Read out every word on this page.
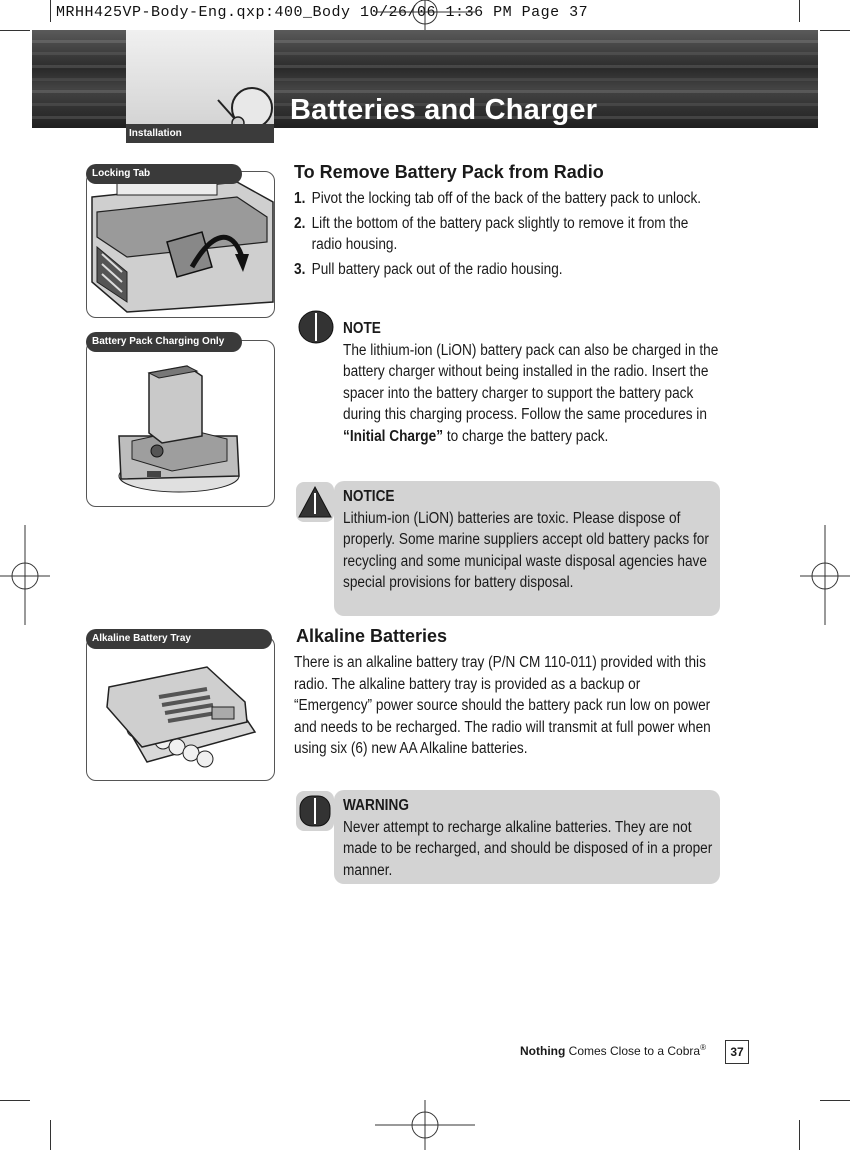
MRHH425VP-Body-Eng.qxp:400_Body 10/26/06 1:36 PM Page 37
Installation
Batteries and Charger
Locking Tab
Battery Pack Charging Only
Alkaline Battery Tray
To Remove Battery Pack from Radio
1. Pivot the locking tab off of the back of the battery pack to unlock.
2. Lift the bottom of the battery pack slightly to remove it from the radio housing.
3. Pull battery pack out of the radio housing.
NOTE
The lithium-ion (LiON) battery pack can also be charged in the battery charger without being installed in the radio. Insert the spacer into the battery charger to support the battery pack during this charging process. Follow the same procedures in “Initial Charge” to charge the battery pack.
NOTICE
Lithium-ion (LiON) batteries are toxic. Please dispose of properly. Some marine suppliers accept old battery packs for recycling and some municipal waste disposal agencies have special provisions for battery disposal.
Alkaline Batteries
There is an alkaline battery tray (P/N CM 110-011) provided with this radio. The alkaline battery tray is provided as a backup or “Emergency” power source should the battery pack run low on power and needs to be recharged. The radio will transmit at full power when using six (6) new AA Alkaline batteries.
WARNING
Never attempt to recharge alkaline batteries. They are not made to be recharged, and should be disposed of in a proper manner.
Nothing Comes Close to a Cobra®	37
